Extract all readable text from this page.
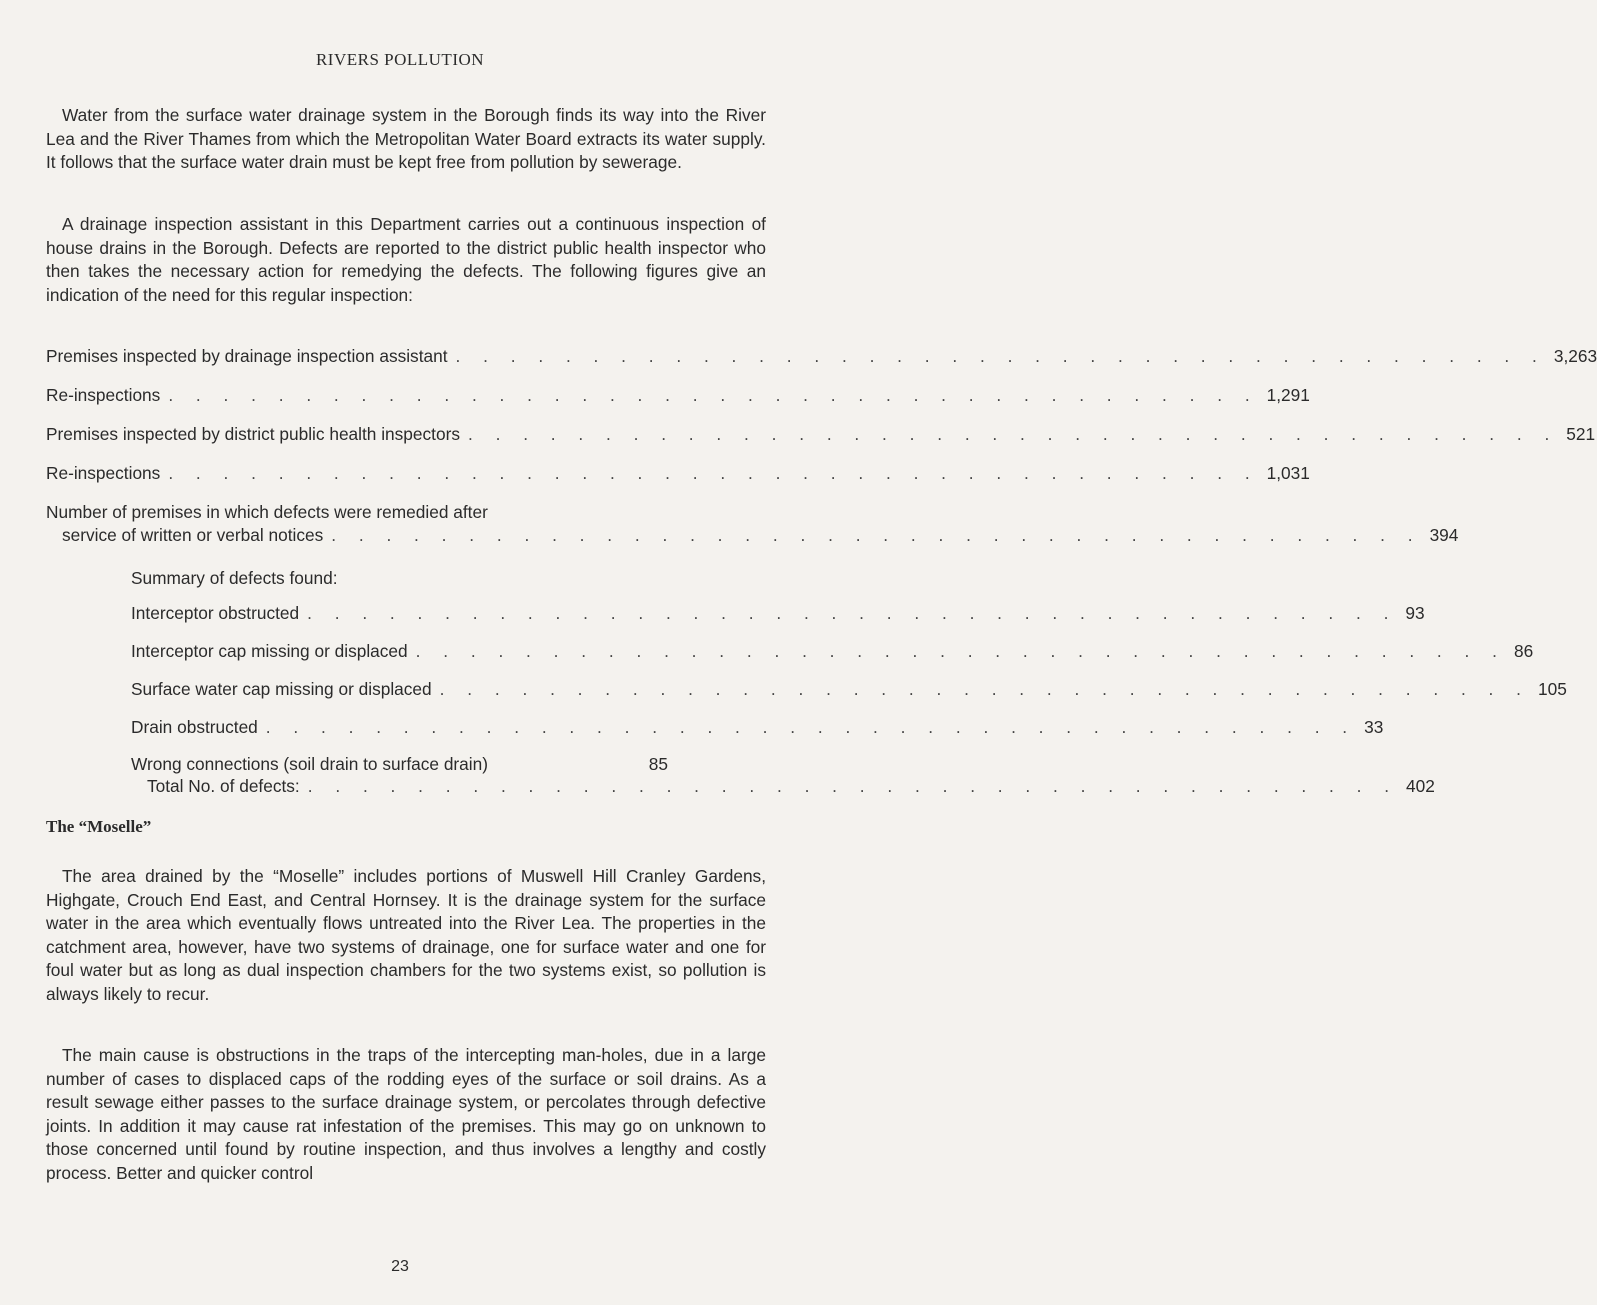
RIVERS POLLUTION

Water from the surface water drainage system in the Borough finds its way into the River Lea and the River Thames from which the Metropolitan Water Board extracts its water supply. It follows that the surface water drain must be kept free from pollution by sewerage.

A drainage inspection assistant in this Department carries out a continuous inspection of house drains in the Borough. Defects are reported to the district public health inspector who then takes the necessary action for remedying the defects. The following figures give an indication of the need for this regular inspection:

Premises inspected by drainage inspection assistant . . . . . . . . . . . . . . . . . . . . . . . . . . . . . . . . . . . . . . . . 3,263
Re-inspections . . . . . . . . . . . . . . . . . . . . . . . . . . . . . . . . . . . . . . . . 1,291
Premises inspected by district public health inspectors . . . . . . . . . . . . . . . . . . . . . . . . . . . . . . . . . . . . . . . . 521
Re-inspections . . . . . . . . . . . . . . . . . . . . . . . . . . . . . . . . . . . . . . . . 1,031
Number of premises in which defects were remedied after
service of written or verbal notices . . . . . . . . . . . . . . . . . . . . . . . . . . . . . . . . . . . . . . . . 394
Summary of defects found:
Interceptor obstructed . . . . . . . . . . . . . . . . . . . . . . . . . . . . . . . . . . . . . . . . 93
Interceptor cap missing or displaced . . . . . . . . . . . . . . . . . . . . . . . . . . . . . . . . . . . . . . . . 86
Surface water cap missing or displaced . . . . . . . . . . . . . . . . . . . . . . . . . . . . . . . . . . . . . . . . 105
Drain obstructed . . . . . . . . . . . . . . . . . . . . . . . . . . . . . . . . . . . . . . . . 33
Wrong connections (soil drain to surface drain)	85
Total No. of defects: . . . . . . . . . . . . . . . . . . . . . . . . . . . . . . . . . . . . . . . . 402
The “Moselle”

The area drained by the “Moselle” includes portions of Muswell Hill Cranley Gardens, Highgate, Crouch End East, and Central Hornsey. It is the drainage system for the surface water in the area which eventually flows untreated into the River Lea. The properties in the catchment area, however, have two systems of drainage, one for surface water and one for foul water but as long as dual inspection chambers for the two systems exist, so pollution is always likely to recur.

The main cause is obstructions in the traps of the intercepting man-holes, due in a large number of cases to displaced caps of the rodding eyes of the surface or soil drains. As a result sewage either passes to the surface drainage system, or percolates through defective joints. In addition it may cause rat infestation of the premises. This may go on unknown to those concerned until found by routine inspection, and thus involves a lengthy and costly process. Better and quicker control

23
